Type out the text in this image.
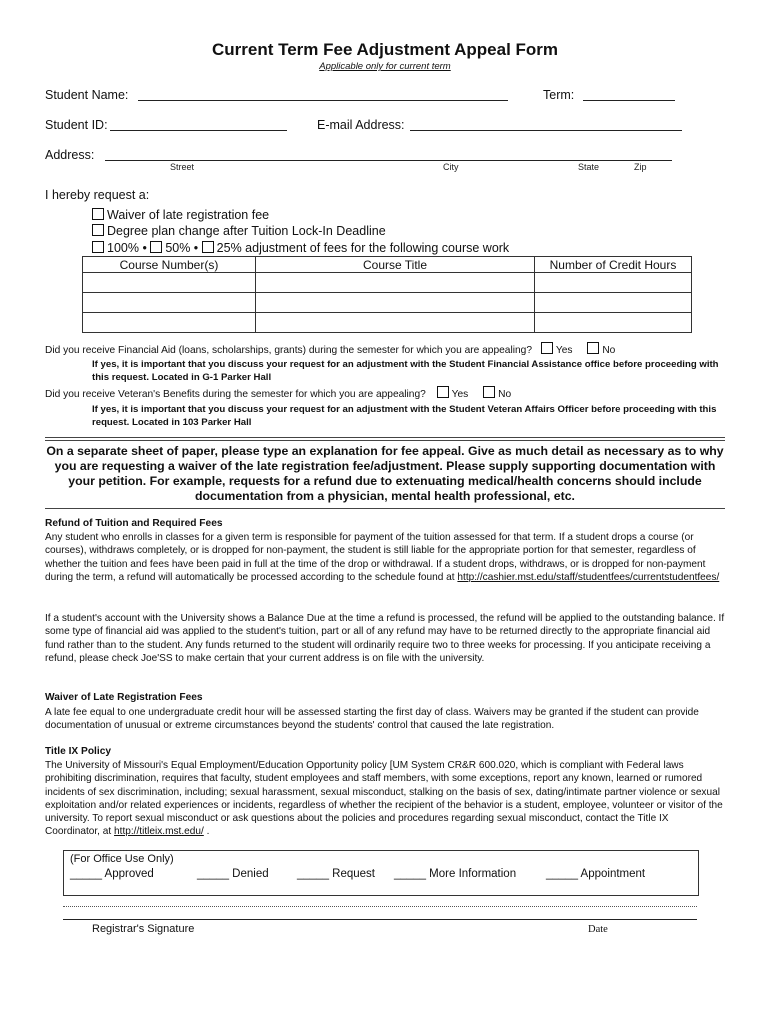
Current Term Fee Adjustment Appeal Form
Applicable only for current term
Student Name:	Term:
Student ID:	E-mail Address:
Address:
Street	City	State	Zip
I hereby request a:
Waiver of late registration fee
Degree plan change after Tuition Lock-In Deadline
100% • 50% • 25% adjustment of fees for the following course work
Course Number(s)	Course Title	Number of Credit Hours

Did you receive Financial Aid (loans, scholarships, grants) during the semester for which you are appealing? Yes	No
If yes, it is important that you discuss your request for an adjustment with the Student Financial Assistance office before proceeding with this request. Located in G-1 Parker Hall
Did you receive Veteran's Benefits during the semester for which you are appealing?	Yes	No
If yes, it is important that you discuss your request for an adjustment with the Student Veteran Affairs Officer before proceeding with this request. Located in 103 Parker Hall
On a separate sheet of paper, please type an explanation for fee appeal. Give as much detail as necessary as to why you are requesting a waiver of the late registration fee/adjustment. Please supply supporting documentation with your petition. For example, requests for a refund due to extenuating medical/health concerns should include documentation from a physician, mental health professional, etc.
Refund of Tuition and Required Fees
Any student who enrolls in classes for a given term is responsible for payment of the tuition assessed for that term. If a student drops a course (or courses), withdraws completely, or is dropped for non-payment, the student is still liable for the appropriate portion for that semester, regardless of whether the tuition and fees have been paid in full at the time of the drop or withdrawal. If a student drops, withdraws, or is dropped for non-payment during the term, a refund will automatically be processed according to the schedule found at http://cashier.mst.edu/staff/studentfees/currentstudentfees/
If a student's account with the University shows a Balance Due at the time a refund is processed, the refund will be applied to the outstanding balance. If some type of financial aid was applied to the student's tuition, part or all of any refund may have to be returned directly to the appropriate financial aid fund rather than to the student. Any funds returned to the student will ordinarily require two to three weeks for processing. If you anticipate receiving a refund, please check Joe'SS to make certain that your current address is on file with the university.
Waiver of Late Registration Fees
A late fee equal to one undergraduate credit hour will be assessed starting the first day of class. Waivers may be granted if the student can provide documentation of unusual or extreme circumstances beyond the students' control that caused the late registration.
Title IX Policy
The University of Missouri's Equal Employment/Education Opportunity policy [UM System CR&R 600.020, which is compliant with Federal laws prohibiting discrimination, requires that faculty, student employees and staff members, with some exceptions, report any known, learned or rumored incidents of sex discrimination, including; sexual harassment, sexual misconduct, stalking on the basis of sex, dating/intimate partner violence or sexual exploitation and/or related experiences or incidents, regardless of whether the recipient of the behavior is a student, employee, volunteer or visitor of the university. To report sexual misconduct or ask questions about the policies and procedures regarding sexual misconduct, contact the Title IX Coordinator, at http://titleix.mst.edu/ .
(For Office Use Only)
_____ Approved	_____ Denied _____ Request _____ More Information	_____ Appointment
Registrar's Signature	Date
